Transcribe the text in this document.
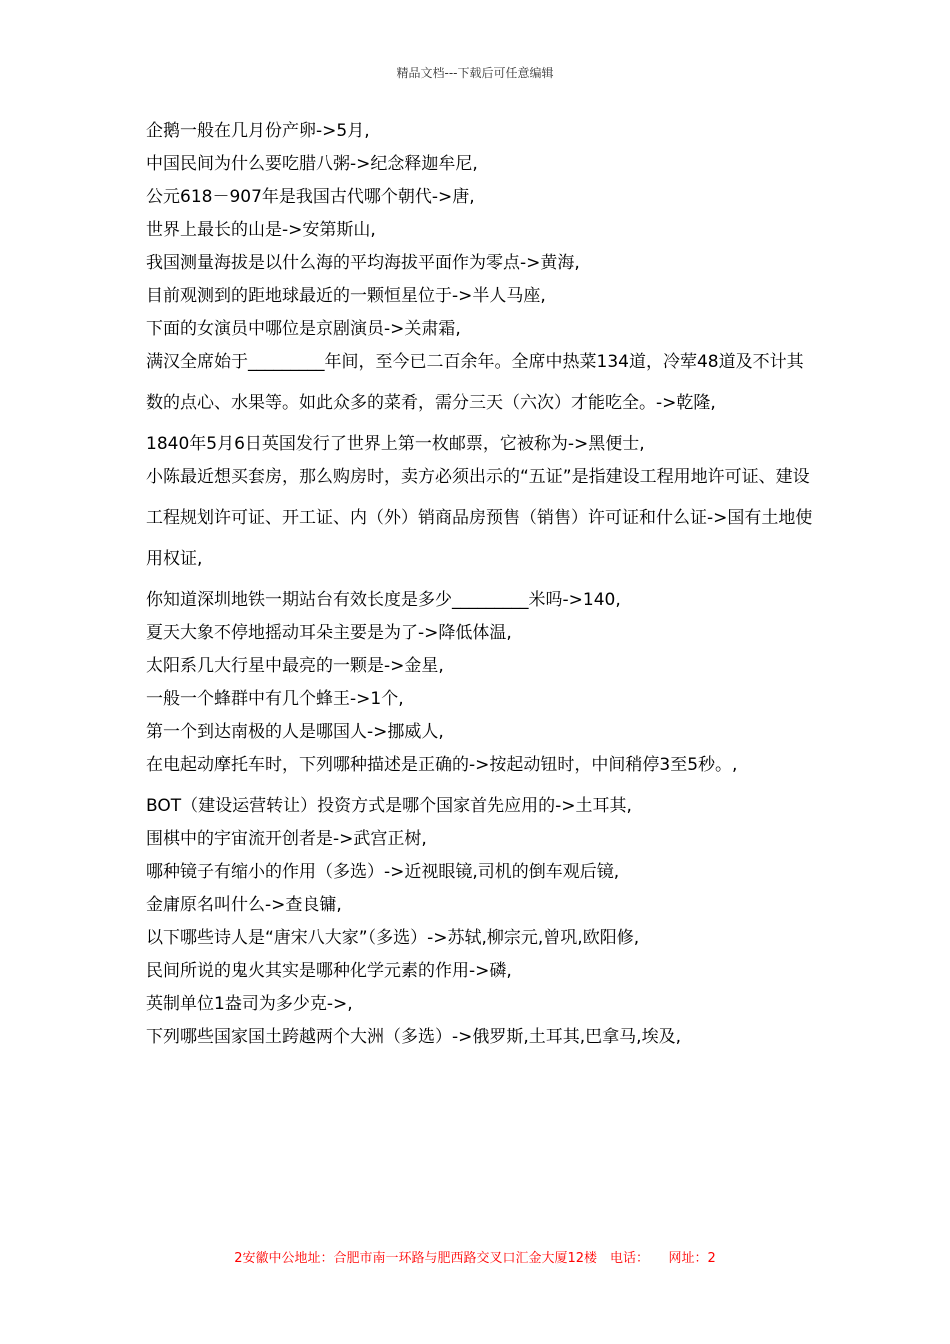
精品文档---下载后可任意编辑

企鹅一般在几月份产卵->5月,

中国民间为什么要吃腊八粥->纪念释迦牟尼,

公元618－907年是我国古代哪个朝代->唐,

世界上最长的山是->安第斯山,

我国测量海拔是以什么海的平均海拔平面作为零点->黄海,

目前观测到的距地球最近的一颗恒星位于->半人马座,

下面的女演员中哪位是京剧演员->关肃霜,

满汉全席始于_________年间，至今已二百余年。全席中热菜134道，冷荤48道及不计其数的点心、水果等。如此众多的菜肴，需分三天（六次）才能吃全。->乾隆,

1840年5月6日英国发行了世界上第一枚邮票，它被称为->黑便士,

小陈最近想买套房，那么购房时，卖方必须出示的“五证”是指建设工程用地许可证、建设工程规划许可证、开工证、内（外）销商品房预售（销售）许可证和什么证->国有土地使用权证,

你知道深圳地铁一期站台有效长度是多少_________米吗->140,

夏天大象不停地摇动耳朵主要是为了->降低体温,

太阳系几大行星中最亮的一颗是->金星,

一般一个蜂群中有几个蜂王->1个,

第一个到达南极的人是哪国人->挪威人,

在电起动摩托车时，下列哪种描述是正确的->按起动钮时，中间稍停3至5秒。,

BOT（建设运营转让）投资方式是哪个国家首先应用的->土耳其,

围棋中的宇宙流开创者是->武宫正树,

哪种镜子有缩小的作用（多选）->近视眼镜,司机的倒车观后镜,

金庸原名叫什么->查良镛,

以下哪些诗人是“唐宋八大家”（多选）->苏轼,柳宗元,曾巩,欧阳修,

民间所说的鬼火其实是哪种化学元素的作用->磷,

英制单位1盎司为多少克->,

下列哪些国家国土跨越两个大洲（多选）->俄罗斯,土耳其,巴拿马,埃及,

2安徽中公地址：合肥市南一环路与肥西路交叉口汇金大厦12楼　电话：　　网址：2
